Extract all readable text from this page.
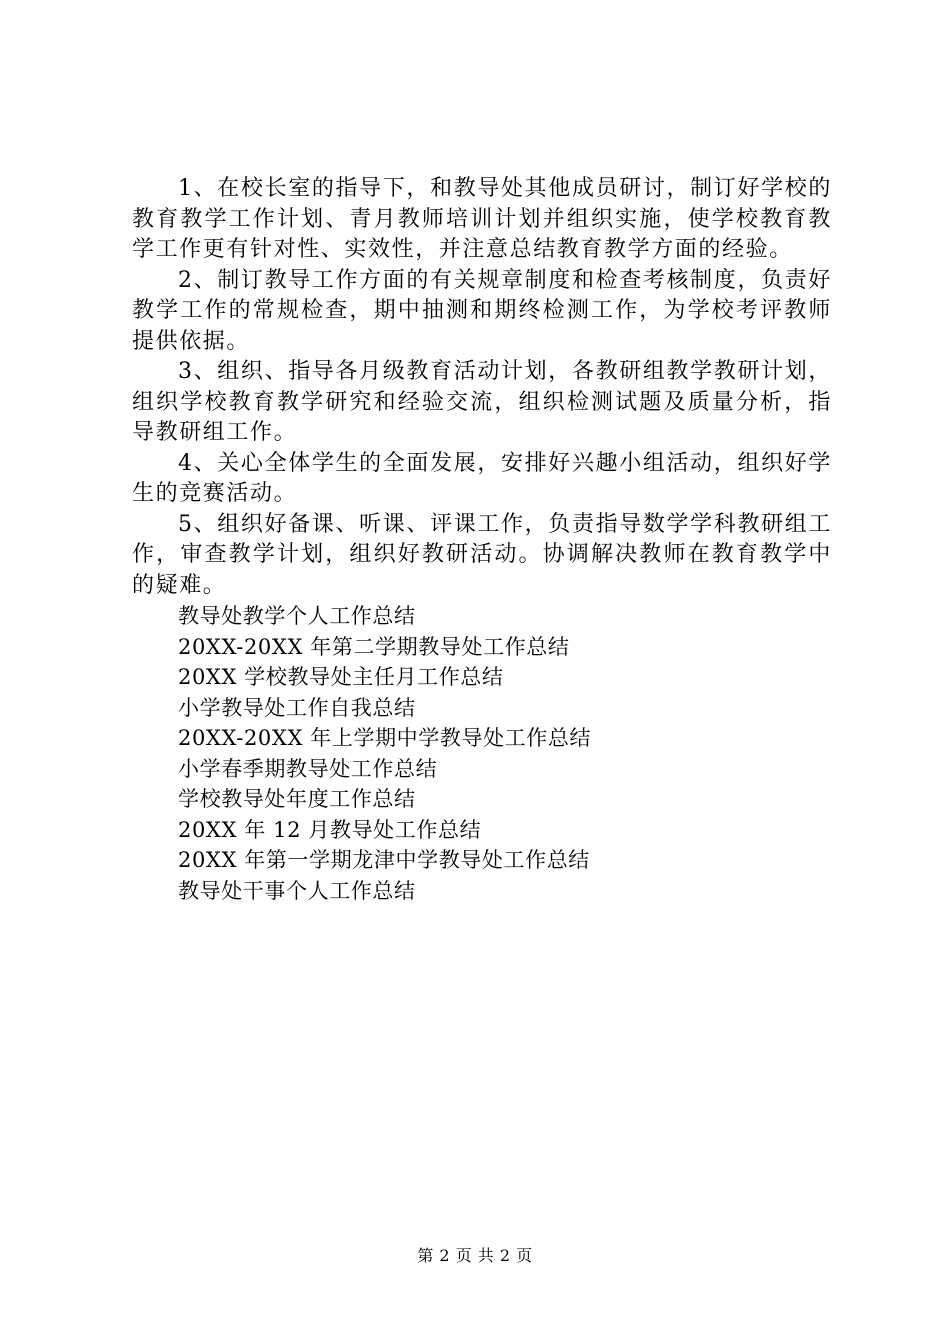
1、在校长室的指导下，和教导处其他成员研讨，制订好学校的教育教学工作计划、青月教师培训计划并组织实施，使学校教育教学工作更有针对性、实效性，并注意总结教育教学方面的经验。

2、制订教导工作方面的有关规章制度和检查考核制度，负责好教学工作的常规检查，期中抽测和期终检测工作，为学校考评教师提供依据。

3、组织、指导各月级教育活动计划，各教研组教学教研计划，组织学校教育教学研究和经验交流，组织检测试题及质量分析，指导教研组工作。

4、关心全体学生的全面发展，安排好兴趣小组活动，组织好学生的竞赛活动。

5、组织好备课、听课、评课工作，负责指导数学学科教研组工作，审查教学计划，组织好教研活动。协调解决教师在教育教学中的疑难。

教导处教学个人工作总结
20XX-20XX 年第二学期教导处工作总结
20XX 学校教导处主任月工作总结
小学教导处工作自我总结
20XX-20XX 年上学期中学教导处工作总结
小学春季期教导处工作总结
学校教导处年度工作总结
20XX 年 12 月教导处工作总结
20XX 年第一学期龙津中学教导处工作总结
教导处干事个人工作总结
第 2 页 共 2 页
